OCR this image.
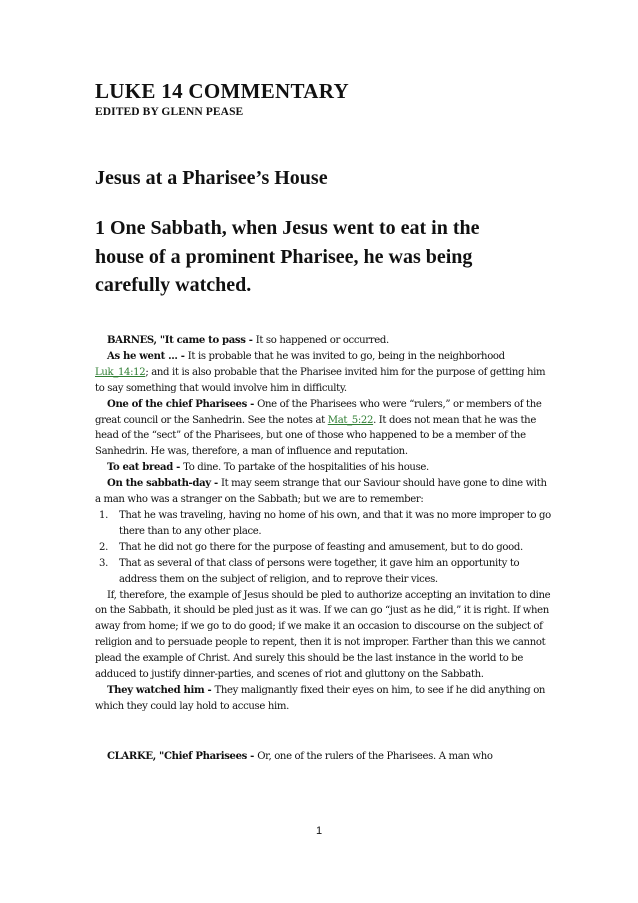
LUKE 14 COMMENTARY
EDITED BY GLENN PEASE
Jesus at a Pharisee’s House
1 One Sabbath, when Jesus went to eat in the
house of a prominent Pharisee, he was being
carefully watched.

BARNES, "It came to pass - It so happened or occurred.

As he went ... - It is probable that he was invited to go, being in the neighborhood Luk_14:12; and it is also probable that the Pharisee invited him for the purpose of getting him to say something that would involve him in difficulty.

One of the chief Pharisees - One of the Pharisees who were “rulers,” or members of the great council or the Sanhedrin. See the notes at Mat_5:22. It does not mean that he was the head of the “sect” of the Pharisees, but one of those who happened to be a member of the Sanhedrin. He was, therefore, a man of influence and reputation.

To eat bread - To dine. To partake of the hospitalities of his house.

On the sabbath-day - It may seem strange that our Saviour should have gone to dine with a man who was a stranger on the Sabbath; but we are to remember:

1. That he was traveling, having no home of his own, and that it was no more improper to go there than to any other place.
2. That he did not go there for the purpose of feasting and amusement, but to do good.
3. That as several of that class of persons were together, it gave him an opportunity to address them on the subject of religion, and to reprove their vices.

If, therefore, the example of Jesus should be pled to authorize accepting an invitation to dine on the Sabbath, it should be pled just as it was. If we can go “just as he did,” it is right. If when away from home; if we go to do good; if we make it an occasion to discourse on the subject of religion and to persuade people to repent, then it is not improper. Farther than this we cannot plead the example of Christ. And surely this should be the last instance in the world to be adduced to justify dinner-parties, and scenes of riot and gluttony on the Sabbath.

They watched him - They malignantly fixed their eyes on him, to see if he did anything on which they could lay hold to accuse him.

CLARKE, "Chief Pharisees - Or, one of the rulers of the Pharisees. A man who

1
